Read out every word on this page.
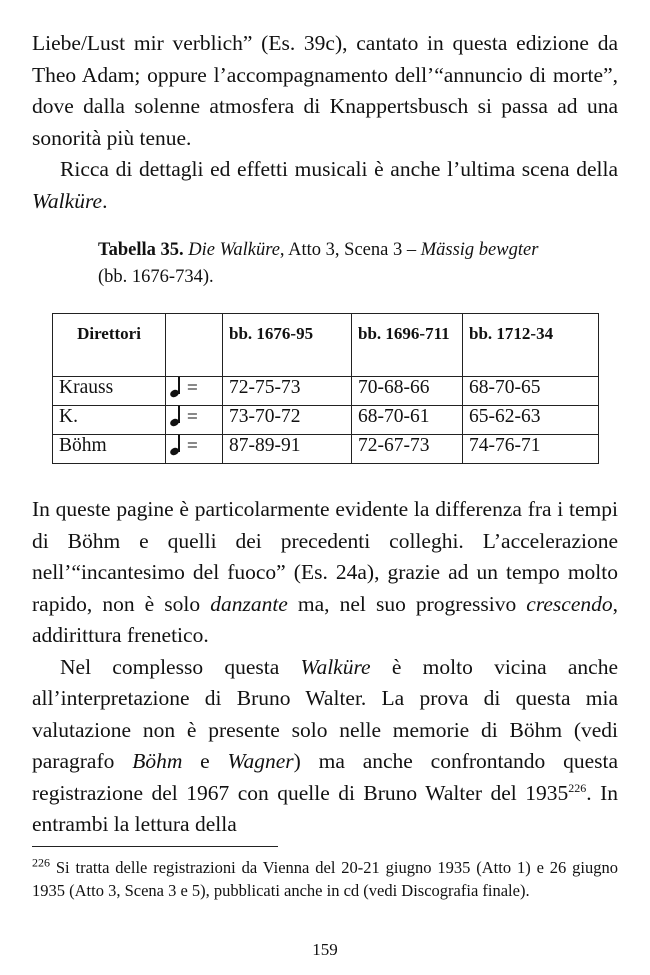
Liebe/Lust mir verblich” (Es. 39c), cantato in questa edizione da Theo Adam; oppure l’accompagnamento dell’“annuncio di morte”, dove dalla solenne atmosfera di Knappertsbusch si passa ad una sonorità più tenue.

Ricca di dettagli ed effetti musicali è anche l’ultima scena della Walküre.

Tabella 35. Die Walküre, Atto 3, Scena 3 – Mässig bewgter (bb. 1676-734).
Direttori		bb. 1676-95	bb. 1696-711	bb. 1712-34
Krauss	=	72-75-73	70-68-66	68-70-65
K.	=	73-70-72	68-70-61	65-62-63
Böhm	=	87-89-91	72-67-73	74-76-71

In queste pagine è particolarmente evidente la differenza fra i tempi di Böhm e quelli dei precedenti colleghi. L’accelerazione nell’“incantesimo del fuoco” (Es. 24a), grazie ad un tempo molto rapido, non è solo danzante ma, nel suo progressivo crescendo, addirittura frenetico.

Nel complesso questa Walküre è molto vicina anche all’interpretazione di Bruno Walter. La prova di questa mia valutazione non è presente solo nelle memorie di Böhm (vedi paragrafo Böhm e Wagner) ma anche confrontando questa registrazione del 1967 con quelle di Bruno Walter del 1935$^{226}$. In entrambi la lettura della

$^{226}$ Si tratta delle registrazioni da Vienna del 20-21 giugno 1935 (Atto 1) e 26 giugno 1935 (Atto 3, Scena 3 e 5), pubblicati anche in cd (vedi Discografia finale).
159
